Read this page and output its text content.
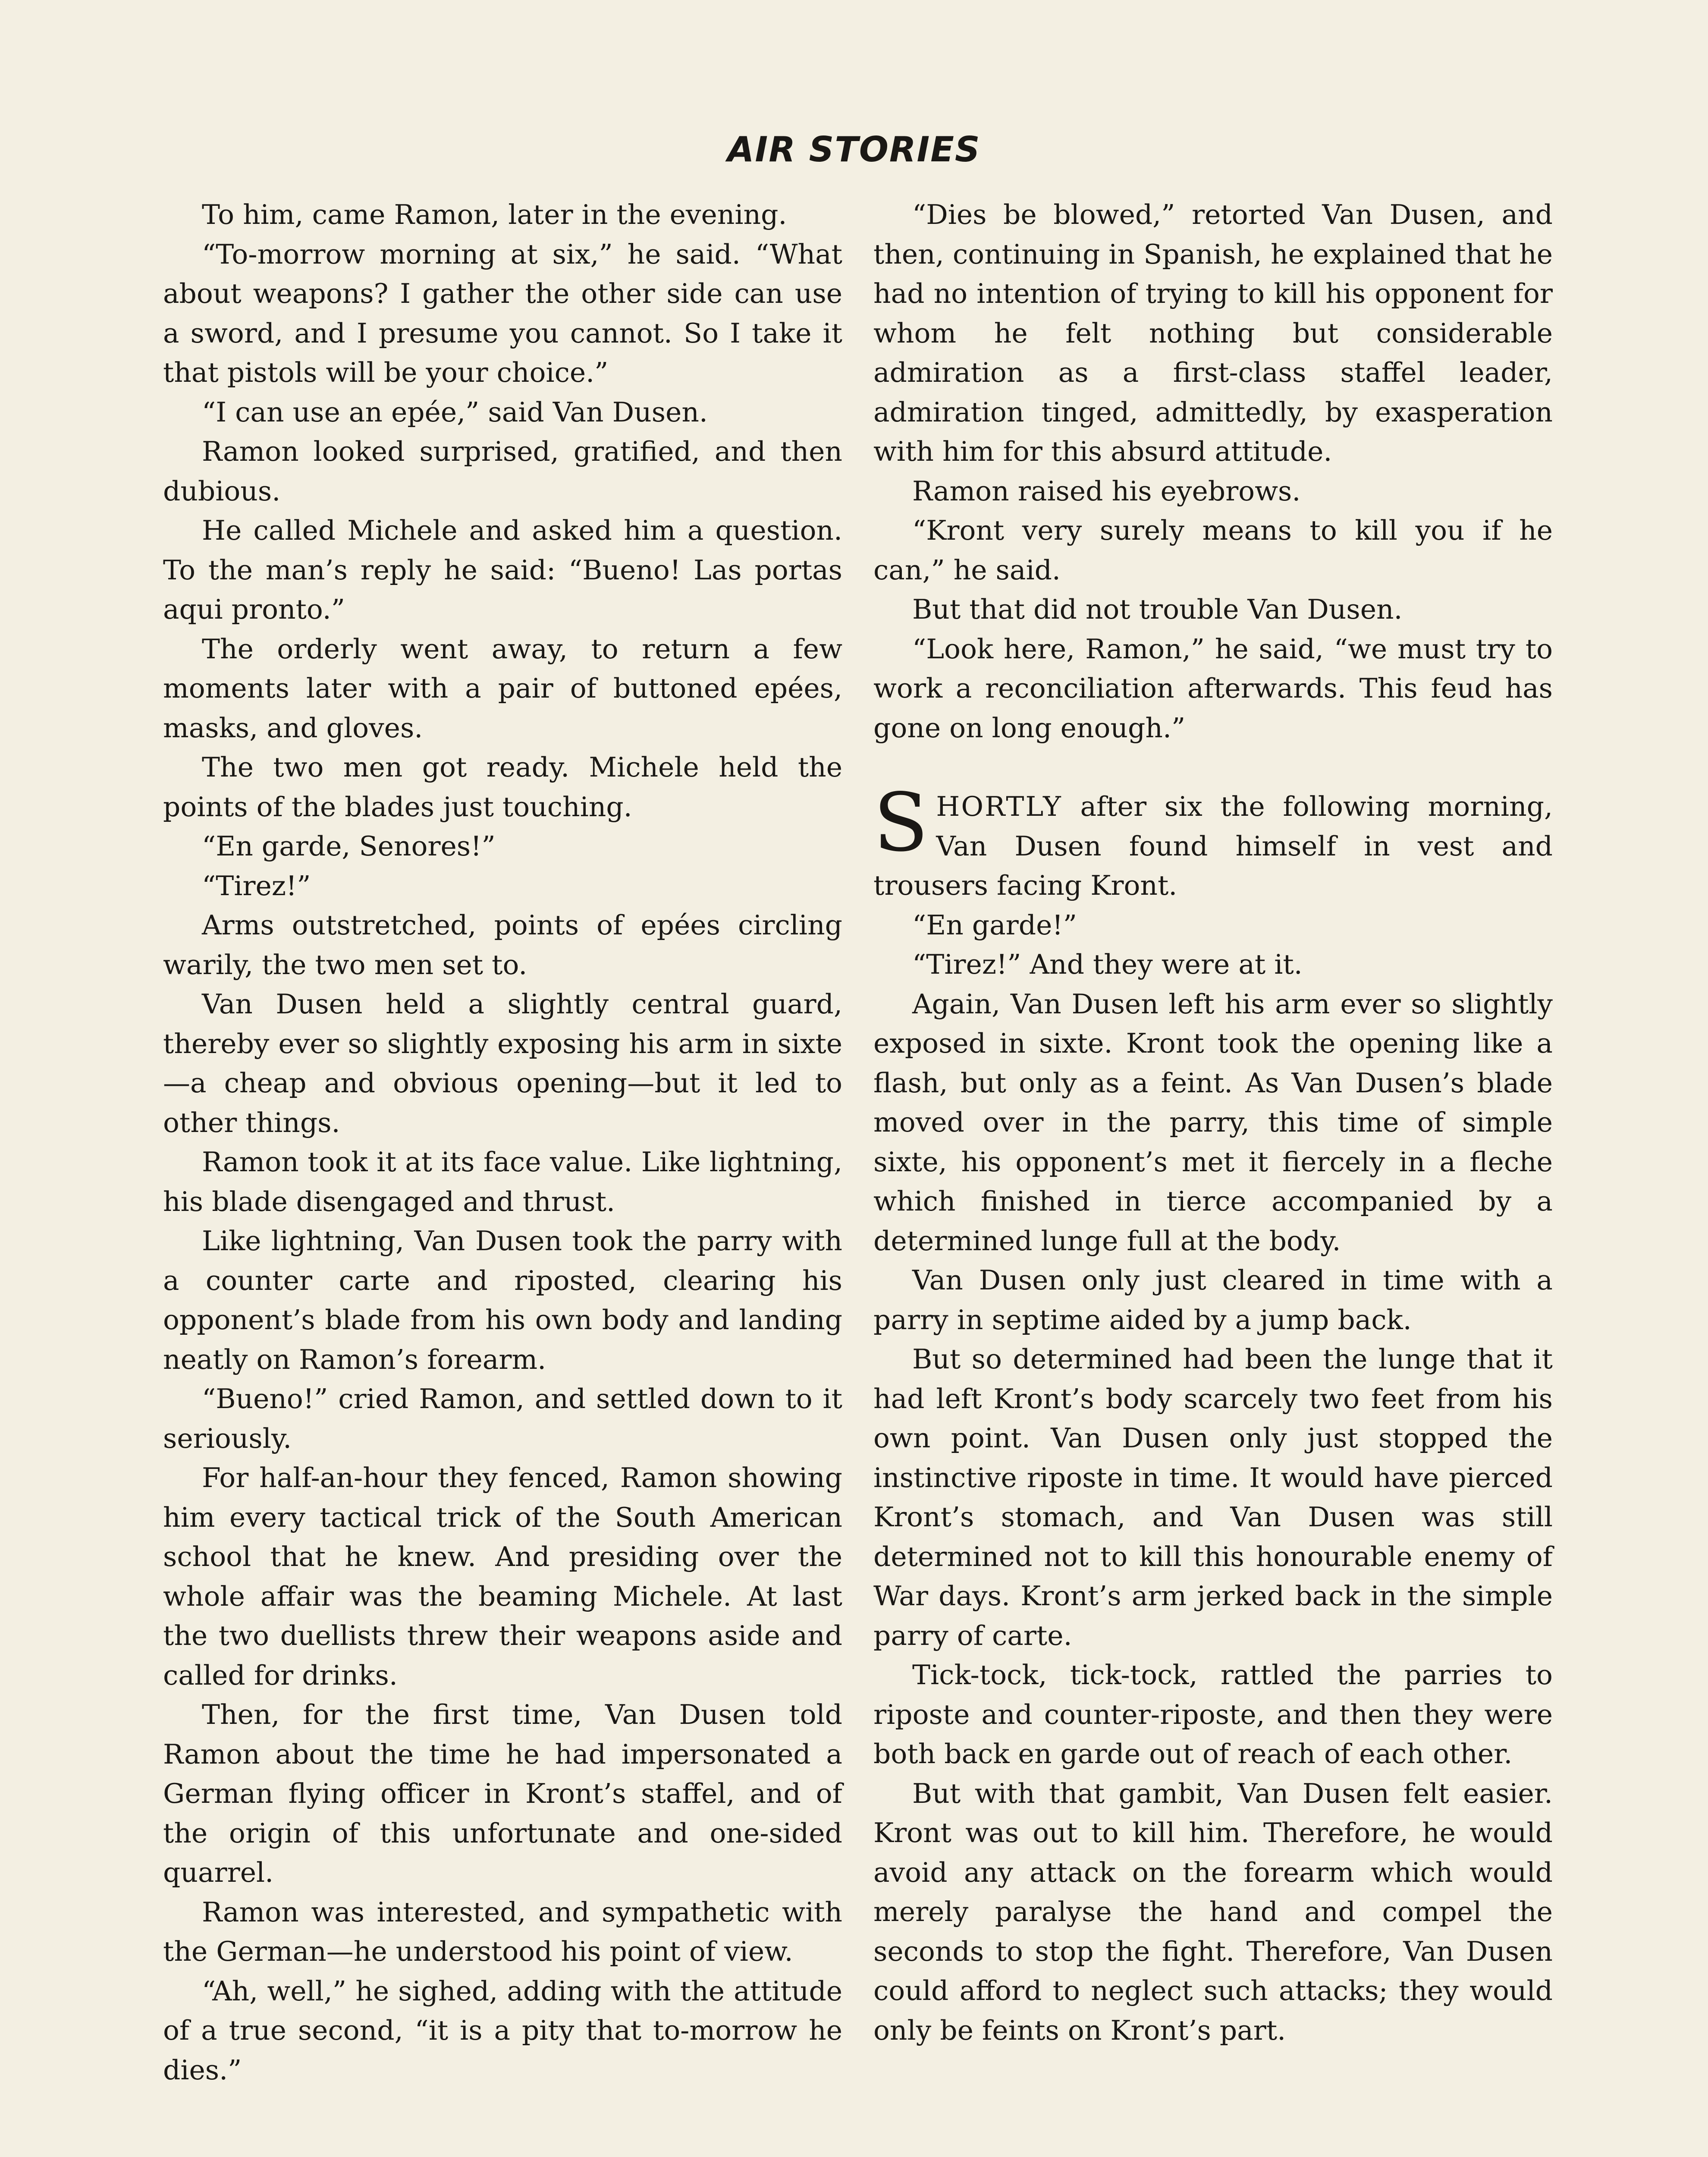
AIR STORIES

To him, came Ramon, later in the evening.

“To-morrow morning at six,” he said. “What about weapons? I gather the other side can use a sword, and I presume you cannot. So I take it that pistols will be your choice.”

“I can use an epée,” said Van Dusen.

Ramon looked surprised, gratified, and then dubious.

He called Michele and asked him a question. To the man’s reply he said: “Bueno! Las portas aqui pronto.”

The orderly went away, to return a few moments later with a pair of buttoned epées, masks, and gloves.

The two men got ready. Michele held the points of the blades just touching.

“En garde, Senores!”

“Tirez!”

Arms outstretched, points of epées circling warily, the two men set to.

Van Dusen held a slightly central guard, thereby ever so slightly exposing his arm in sixte—a cheap and obvious opening—but it led to other things.

Ramon took it at its face value. Like lightning, his blade disengaged and thrust.

Like lightning, Van Dusen took the parry with a counter carte and riposted, clearing his opponent’s blade from his own body and landing neatly on Ramon’s forearm.

“Bueno!” cried Ramon, and settled down to it seriously.

For half-an-hour they fenced, Ramon showing him every tactical trick of the South American school that he knew. And presiding over the whole affair was the beaming Michele. At last the two duellists threw their weapons aside and called for drinks.

Then, for the first time, Van Dusen told Ramon about the time he had impersonated a German flying officer in Kront’s staffel, and of the origin of this unfortunate and one-sided quarrel.

Ramon was interested, and sympathetic with the German—he understood his point of view.

“Ah, well,” he sighed, adding with the attitude of a true second, “it is a pity that to-morrow he dies.”

“Dies be blowed,” retorted Van Dusen, and then, continuing in Spanish, he explained that he had no intention of trying to kill his opponent for whom he felt nothing but considerable admiration as a first-class staffel leader, admiration tinged, admittedly, by exasperation with him for this absurd attitude.

Ramon raised his eyebrows.

“Kront very surely means to kill you if he can,” he said.

But that did not trouble Van Dusen.

“Look here, Ramon,” he said, “we must try to work a reconciliation afterwards. This feud has gone on long enough.”

SHORTLY after six the following morning, Van Dusen found himself in vest and trousers facing Kront.

“En garde!”

“Tirez!” And they were at it.

Again, Van Dusen left his arm ever so slightly exposed in sixte. Kront took the opening like a flash, but only as a feint. As Van Dusen’s blade moved over in the parry, this time of simple sixte, his opponent’s met it fiercely in a fleche which finished in tierce accompanied by a determined lunge full at the body.

Van Dusen only just cleared in time with a parry in septime aided by a jump back.

But so determined had been the lunge that it had left Kront’s body scarcely two feet from his own point. Van Dusen only just stopped the instinctive riposte in time. It would have pierced Kront’s stomach, and Van Dusen was still determined not to kill this honourable enemy of War days. Kront’s arm jerked back in the simple parry of carte.

Tick-tock, tick-tock, rattled the parries to riposte and counter-riposte, and then they were both back en garde out of reach of each other.

But with that gambit, Van Dusen felt easier. Kront was out to kill him. Therefore, he would avoid any attack on the forearm which would merely paralyse the hand and compel the seconds to stop the fight. Therefore, Van Dusen could afford to neglect such attacks; they would only be feints on Kront’s part.
